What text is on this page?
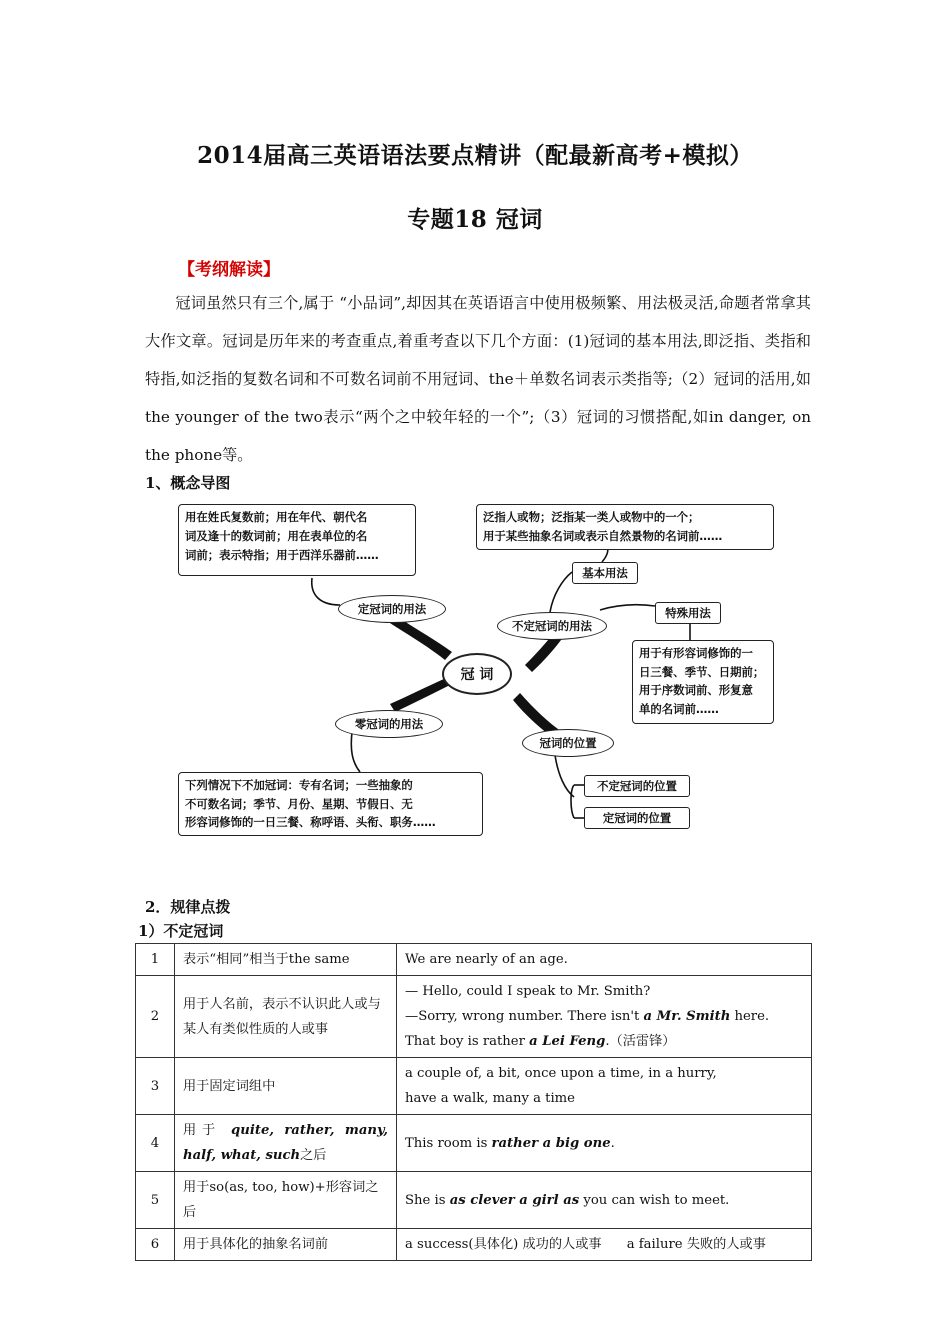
2014届高三英语语法要点精讲（配最新高考+模拟）
专题18 冠词
【考纲解读】

冠词虽然只有三个,属于 “小品词”,却因其在英语语言中使用极频繁、用法极灵活,命题者常拿其大作文章。冠词是历年来的考查重点,着重考查以下几个方面：(1)冠词的基本用法,即泛指、类指和特指,如泛指的复数名词和不可数名词前不用冠词、the＋单数名词表示类指等;（2）冠词的活用,如the younger of the two表示“两个之中较年轻的一个”;（3）冠词的习惯搭配,如in danger, on the phone等。

1、概念导图
冠 词
定冠词的用法
用在姓氏复数前；用在年代、朝代名
词及逢十的数词前；用在表单位的名
词前；表示特指；用于西洋乐器前……
不定冠词的用法
基本用法
泛指人或物；泛指某一类人或物中的一个；
用于某些抽象名词或表示自然景物的名词前……
特殊用法
用于有形容词修饰的一
日三餐、季节、日期前；
用于序数词前、形复意
单的名词前……
零冠词的用法
下列情况下不加冠词：专有名词；一些抽象的
不可数名词；季节、月份、星期、节假日、无
形容词修饰的一日三餐、称呼语、头衔、职务……
冠词的位置
不定冠词的位置
定冠词的位置
2．规律点拨
1）不定冠词
1	表示“相同”相当于the same	We are nearly of an age.
2	用于人名前，表示不认识此人或与某人有类似性质的人或事	— Hello, could I speak to Mr. Smith?
—Sorry, wrong number. There isn't a Mr. Smith here.
That boy is rather a Lei Feng.（活雷锋）

3	用于固定词组中	a couple of, a bit, once upon a time, in a hurry,
have a walk, many a time

4	用于 quite, rather, many, half, what, such之后	This room is rather a big one.
5	用于so(as, too, how)+形容词之后	She is as clever a girl as you can wish to meet.
6	用于具体化的抽象名词前	a success(具体化) 成功的人或事      a failure 失败的人或事
